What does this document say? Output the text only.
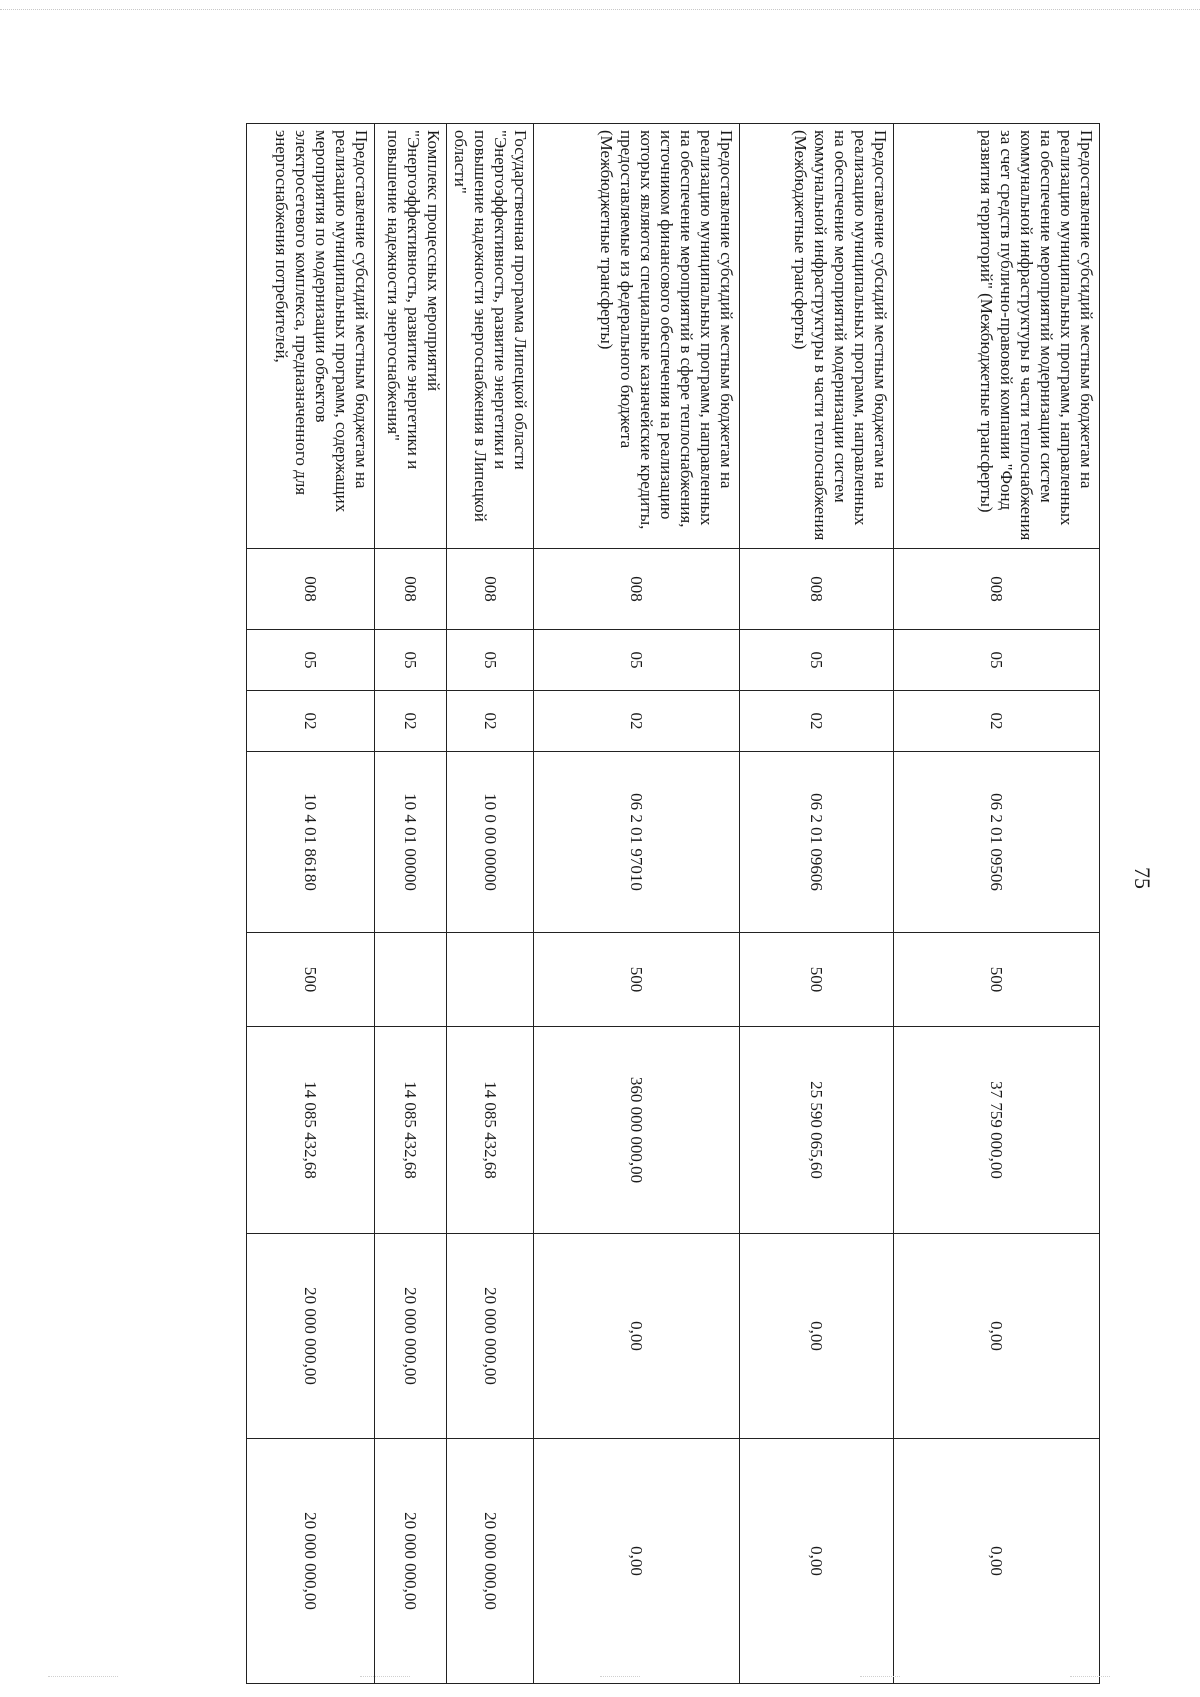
75
Предоставление субсидий местным бюджетам на реализацию муниципальных программ, направленных на обеспечение мероприятий модернизации систем коммунальной инфраструктуры в части теплоснабжения за счет средств публично-правовой компании "Фонд развития территорий" (Межбюджетные трансферты)	008	05	02	06 2 01 09506	500	37 759 000,00	0,00	0,00
Предоставление субсидий местным бюджетам на реализацию муниципальных программ, направленных на обеспечение мероприятий модернизации систем коммунальной инфраструктуры в части теплоснабжения (Межбюджетные трансферты)	008	05	02	06 2 01 09606	500	25 590 065,60	0,00	0,00
Предоставление субсидий местным бюджетам на реализацию муниципальных программ, направленных на обеспечение мероприятий в сфере теплоснабжения, источником финансового обеспечения на реализацию которых являются специальные казначейские кредиты, предоставляемые из федерального бюджета (Межбюджетные трансферты)	008	05	02	06 2 01 97010	500	360 000 000,00	0,00	0,00
Государственная программа Липецкой области "Энергоэффективность, развитие энергетики и повышение надежности энергоснабжения в Липецкой области"	008	05	02	10 0 00 00000		14 085 432,68	20 000 000,00	20 000 000,00
Комплекс процессных мероприятий "Энергоэффективность, развитие энергетики и повышение надежности энергоснабжения"	008	05	02	10 4 01 00000		14 085 432,68	20 000 000,00	20 000 000,00
Предоставление субсидий местным бюджетам на реализацию муниципальных программ, содержащих мероприятия по модернизации объектов электросетевого комплекса, предназначенного для энергоснабжения потребителей,	008	05	02	10 4 01 86180	500	14 085 432,68	20 000 000,00	20 000 000,00
